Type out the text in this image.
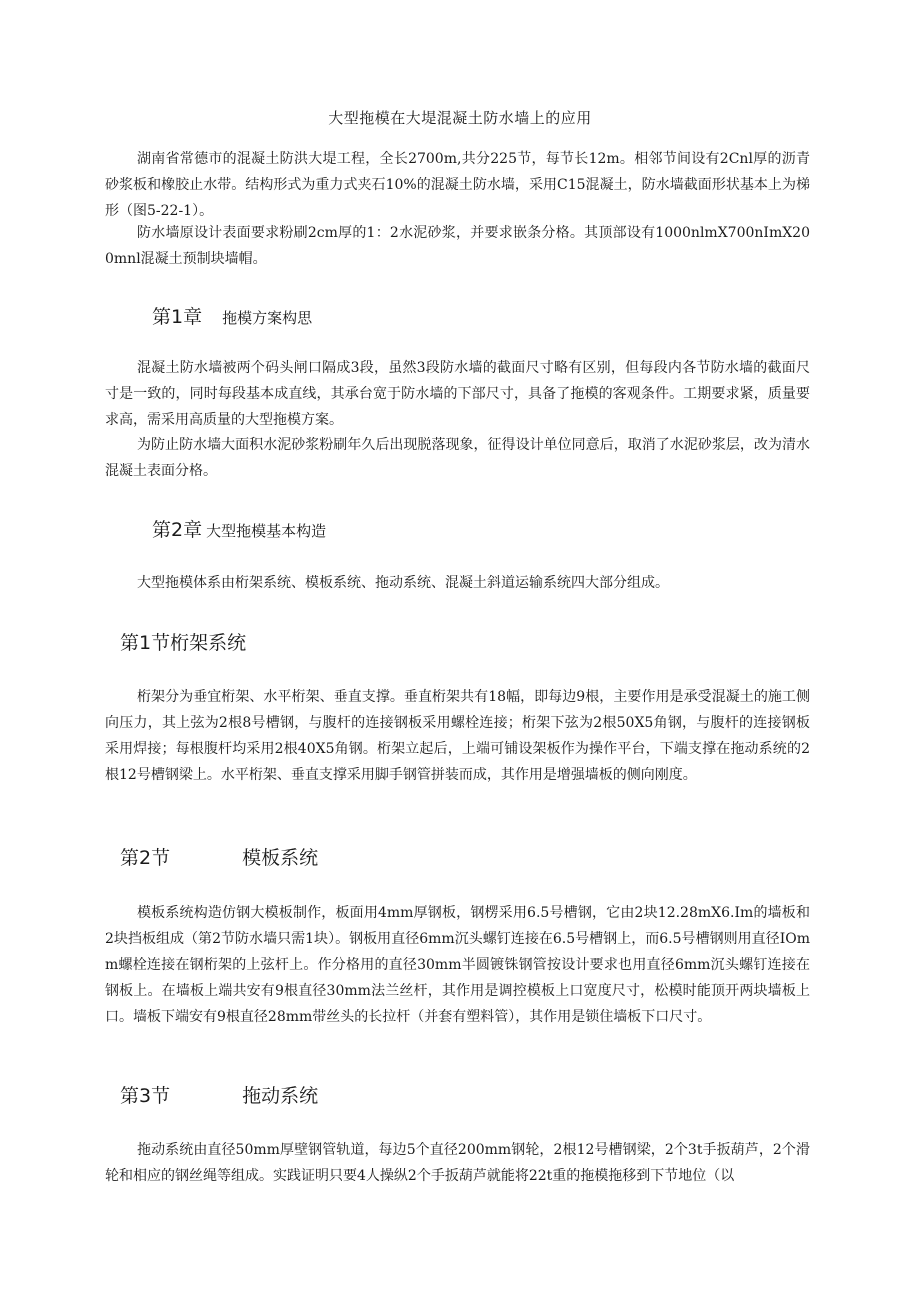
大型拖模在大堤混凝土防水墙上的应用

湖南省常德市的混凝土防洪大堤工程，全长2700m,共分225节，每节长12m。相邻节间设有2Cnl厚的沥青砂浆板和橡胶止水带。结构形式为重力式夹石10%的混凝土防水墙，采用C15混凝土，防水墙截面形状基本上为梯形（图5-22-1）。

防水墙原设计表面要求粉刷2cm厚的1：2水泥砂浆，并要求嵌条分格。其顶部设有1000nlmX700nImX200mnl混凝土预制块墙帽。

第1章 拖模方案构思

混凝土防水墙被两个码头闸口隔成3段，虽然3段防水墙的截面尺寸略有区别，但每段内各节防水墙的截面尺寸是一致的，同时每段基本成直线，其承台宽于防水墙的下部尺寸，具备了拖模的客观条件。工期要求紧，质量要求高，需采用高质量的大型拖模方案。

为防止防水墙大面积水泥砂浆粉刷年久后出现脱落现象，征得设计单位同意后，取消了水泥砂浆层，改为清水混凝土表面分格。

第2章 大型拖模基本构造

大型拖模体系由桁架系统、模板系统、拖动系统、混凝土斜道运输系统四大部分组成。

第1节 桁架系统

桁架分为垂宜桁架、水平桁架、垂直支撑。垂直桁架共有18幅，即每边9根，主要作用是承受混凝土的施工侧向压力，其上弦为2根8号槽钢，与腹杆的连接钢板采用螺栓连接；桁架下弦为2根50X5角钢，与腹杆的连接钢板采用焊接；每根腹杆均采用2根40X5角钢。桁架立起后，上端可铺设架板作为操作平台，下端支撑在拖动系统的2根12号槽钢梁上。水平桁架、垂直支撑采用脚手钢管拼装而成，其作用是增强墙板的侧向刚度。

第2节	模板系统

模板系统构造仿钢大模板制作，板面用4mm厚钢板，钢楞采用6.5号槽钢，它由2块12.28mX6.Im的墙板和2块挡板组成（第2节防水墙只需1块）。钢板用直径6mm沉头螺钉连接在6.5号槽钢上，而6.5号槽钢则用直径IOmm螺栓连接在钢桁架的上弦杆上。作分格用的直径30mm半圆镀铢钢管按设计要求也用直径6mm沉头螺钉连接在钢板上。在墙板上端共安有9根直径30mm法兰丝杆，其作用是调控模板上口宽度尺寸，松模时能顶开两块墙板上口。墙板下端安有9根直径28mm带丝头的长拉杆（并套有塑料管），其作用是锁住墙板下口尺寸。

第3节	拖动系统

拖动系统由直径50mm厚壁钢管轨道，每边5个直径200mm钢轮，2根12号槽钢梁，2个3t手扳葫芦，2个滑轮和相应的钢丝绳等组成。实践证明只要4人操纵2个手扳葫芦就能将22t重的拖模拖移到下节地位（以
